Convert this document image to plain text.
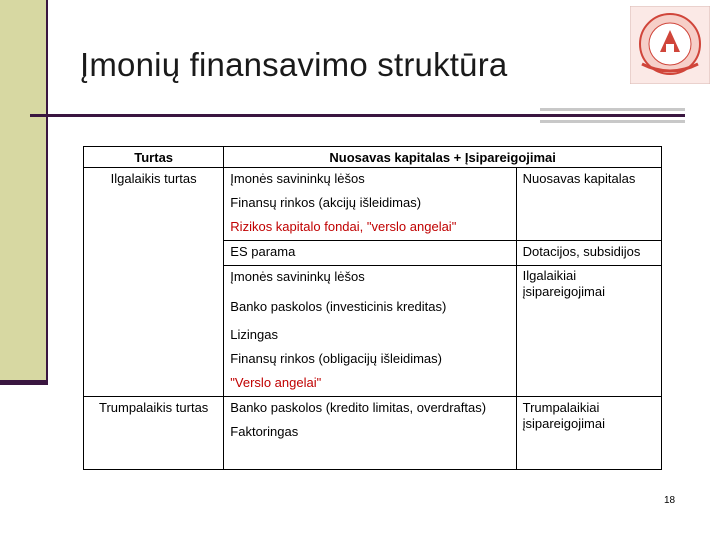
Įmonių finansavimo struktūra
Turtas	Nuosavas kapitalas + Įsipareigojimai	
Ilgalaikis turtas	Įmonės savininkų lėšos	Nuosavas kapitalas
	Finansų rinkos (akcijų išleidimas)	
	Rizikos kapitalo fondai, "verslo angelai"	
	ES parama	Dotacijos, subsidijos
	Įmonės savininkų lėšos	Ilgalaikiai įsipareigojimai
	Banko paskolos (investicinis kreditas)	
	Lizingas	
	Finansų rinkos (obligacijų išleidimas)	
	"Verslo angelai"	
Trumpalaikis turtas	Banko paskolos (kredito limitas, overdraftas)	Trumpalaikiai įsipareigojimai
	Faktoringas	

18
